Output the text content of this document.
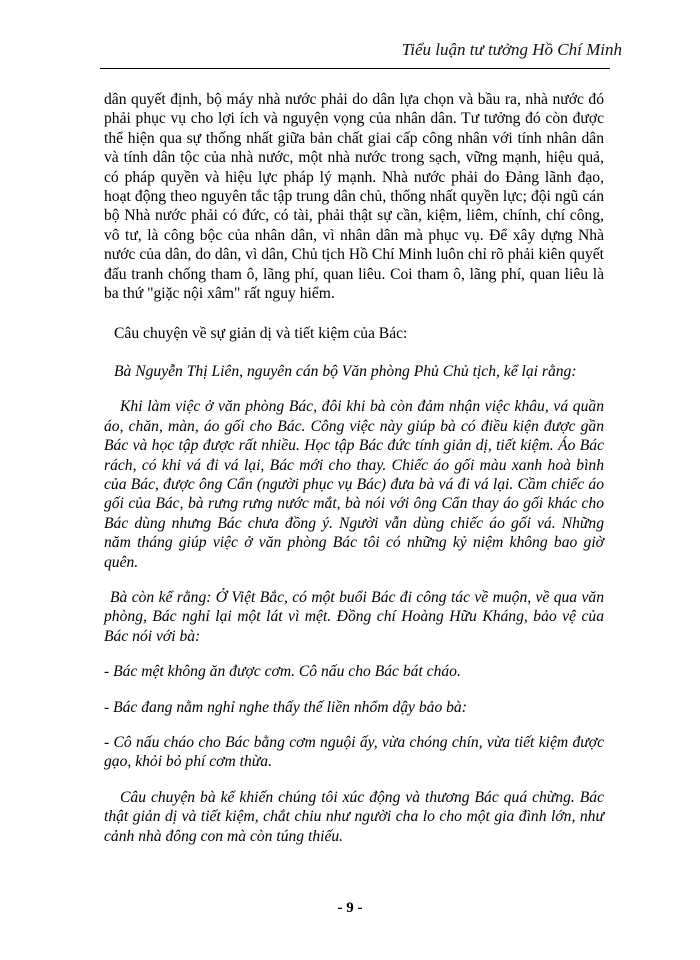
Tiểu luận tư tưởng Hồ Chí Minh

dân quyết định, bộ máy nhà nước phải do dân lựa chọn và bầu ra, nhà nước đó phải phục vụ cho lợi ích và nguyện vọng của nhân dân. Tư tưởng đó còn được thể hiện qua sự thống nhất giữa bản chất giai cấp công nhân với tính nhân dân và tính dân tộc của nhà nước, một nhà nước trong sạch, vững mạnh, hiệu quả, có pháp quyền và hiệu lực pháp lý mạnh. Nhà nước phải do Đảng lãnh đạo, hoạt động theo nguyên tắc tập trung dân chủ, thống nhất quyền lực; đội ngũ cán bộ Nhà nước phải có đức, có tài, phải thật sự cần, kiệm, liêm, chính, chí công, vô tư, là công bộc của nhân dân, vì nhân dân mà phục vụ. Để xây dựng Nhà nước của dân, do dân, vì dân, Chủ tịch Hồ Chí Minh luôn chỉ rõ phải kiên quyết đấu tranh chống tham ô, lãng phí, quan liêu. Coi tham ô, lãng phí, quan liêu là ba thứ "giặc nội xâm" rất nguy hiểm.

Câu chuyện về sự giản dị và tiết kiệm của Bác:

Bà Nguyễn Thị Liên, nguyên cán bộ Văn phòng Phủ Chủ tịch, kể lại rằng:

Khi làm việc ở văn phòng Bác, đôi khi bà còn đảm nhận việc khâu, vá quần áo, chăn, màn, áo gối cho Bác. Công việc này giúp bà có điều kiện được gần Bác và học tập được rất nhiều. Học tập Bác đức tính giản dị, tiết kiệm. Áo Bác rách, có khi vá đi vá lại, Bác mới cho thay. Chiếc áo gối màu xanh hoà bình của Bác, được ông Cẩn (người phục vụ Bác) đưa bà vá đi vá lại. Cầm chiếc áo gối của Bác, bà rưng rưng nước mắt, bà nói với ông Cẩn thay áo gối khác cho Bác dùng nhưng Bác chưa đồng ý. Người vẫn dùng chiếc áo gối vá. Những năm tháng giúp việc ở văn phòng Bác tôi có những kỷ niệm không bao giờ quên.

Bà còn kể rằng: Ở Việt Bắc, có một buổi Bác đi công tác về muộn, về qua văn phòng, Bác nghỉ lại một lát vì mệt. Đồng chí Hoàng Hữu Kháng, bảo vệ của Bác nói với bà:

- Bác mệt không ăn được cơm. Cô nấu cho Bác bát cháo.

- Bác đang nằm nghỉ nghe thấy thế liền nhổm dậy bảo bà:

- Cô nấu cháo cho Bác bằng cơm nguội ấy, vừa chóng chín, vừa tiết kiệm được gạo, khỏi bỏ phí cơm thừa.

Câu chuyện bà kể khiến chúng tôi xúc động và thương Bác quá chừng. Bác thật giản dị và tiết kiệm, chắt chiu như người cha lo cho một gia đình lớn, như cảnh nhà đông con mà còn túng thiếu.

- 9 -
